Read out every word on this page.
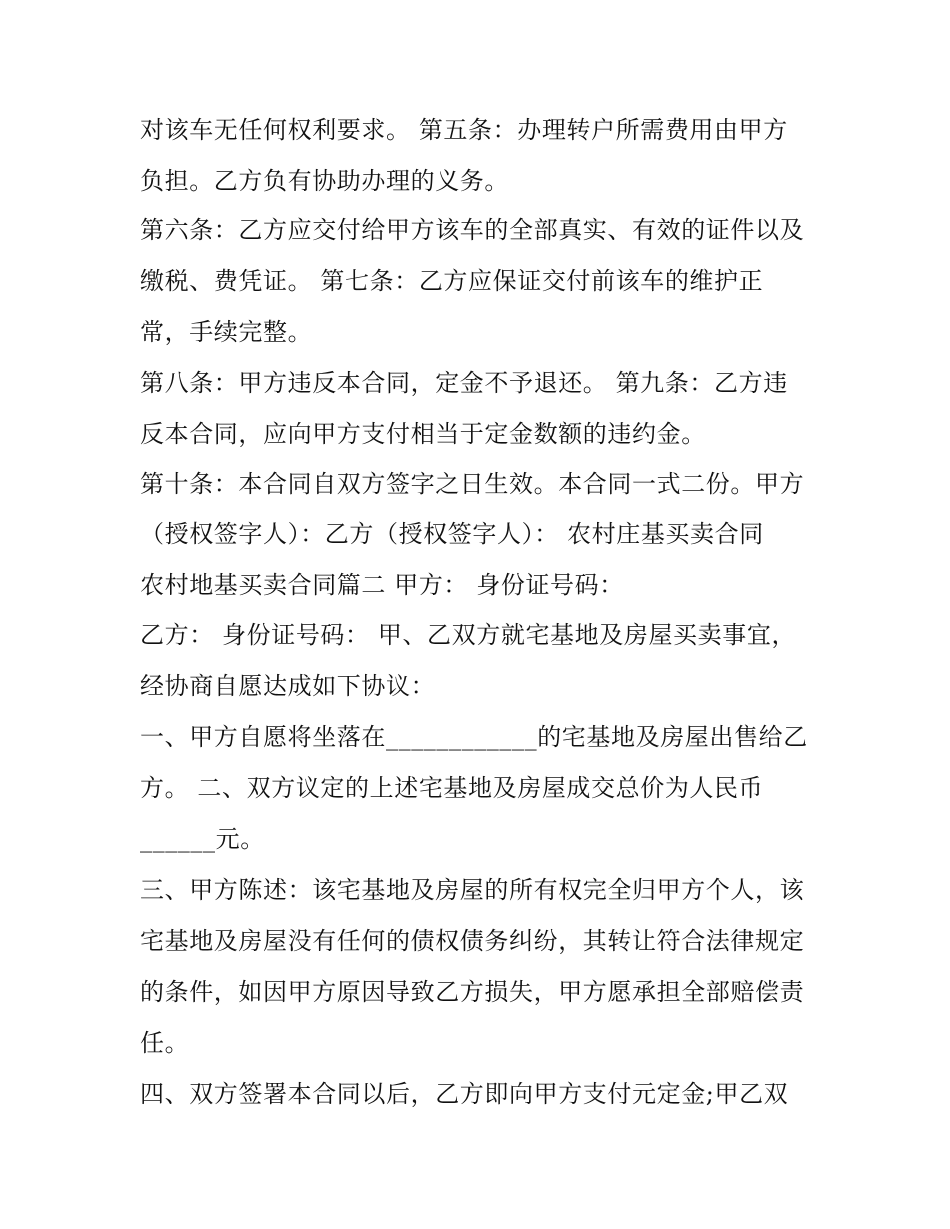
对该车无任何权利要求。 第五条：办理转户所需费用由甲方
负担。乙方负有协助办理的义务。
第六条：乙方应交付给甲方该车的全部真实、有效的证件以及
缴税、费凭证。 第七条：乙方应保证交付前该车的维护正
常，手续完整。
第八条：甲方违反本合同，定金不予退还。 第九条：乙方违
反本合同，应向甲方支付相当于定金数额的违约金。
第十条：本合同自双方签字之日生效。本合同一式二份。甲方
（授权签字人）：乙方（授权签字人）： 农村庄基买卖合同
农村地基买卖合同篇二 甲方： 身份证号码：
乙方： 身份证号码： 甲、乙双方就宅基地及房屋买卖事宜，
经协商自愿达成如下协议：
一、甲方自愿将坐落在____________的宅基地及房屋出售给乙
方。 二、双方议定的上述宅基地及房屋成交总价为人民币
______元。
三、甲方陈述：该宅基地及房屋的所有权完全归甲方个人，该
宅基地及房屋没有任何的债权债务纠纷，其转让符合法律规定
的条件，如因甲方原因导致乙方损失，甲方愿承担全部赔偿责
任。
四、双方签署本合同以后，乙方即向甲方支付元定金;甲乙双
